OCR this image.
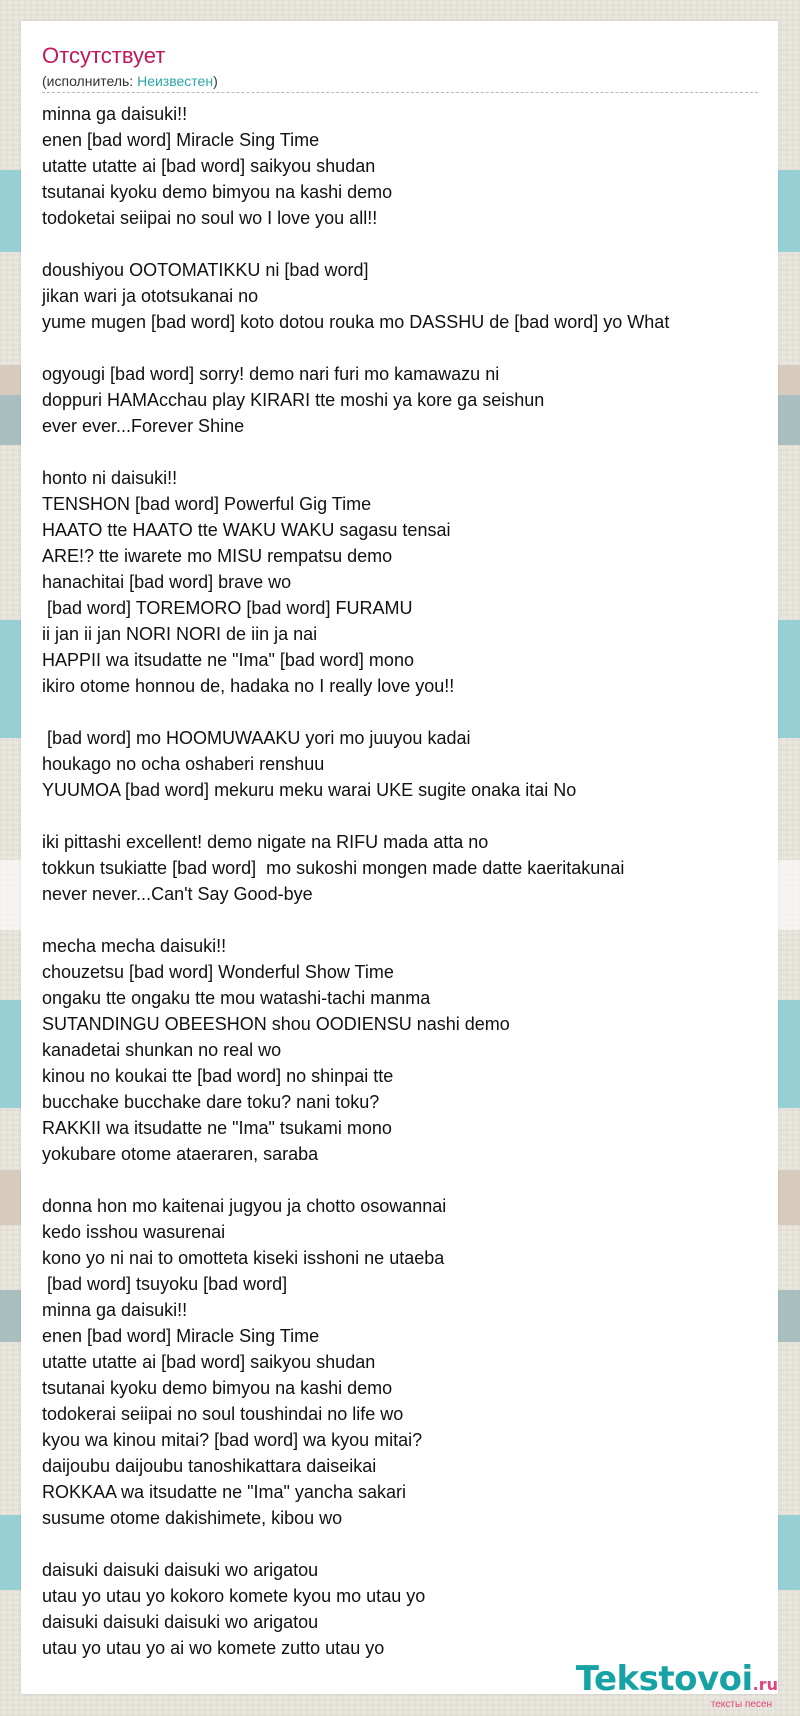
Отсутствует
(исполнитель: Неизвестен)
minna ga daisuki!!
enen [bad word] Miracle Sing Time
utatte utatte ai [bad word] saikyou shudan
tsutanai kyoku demo bimyou na kashi demo
todoketai seiipai no soul wo I love you all!!
doushiyou OOTOMATIKKU ni [bad word]
jikan wari ja ototsukanai no
yume mugen [bad word] koto dotou rouka mo DASSHU de [bad word] yo What
ogyougi [bad word] sorry! demo nari furi mo kamawazu ni
doppuri HAMAcchau play KIRARI tte moshi ya kore ga seishun
ever ever...Forever Shine
honto ni daisuki!!
TENSHON [bad word] Powerful Gig Time
HAATO tte HAATO tte WAKU WAKU sagasu tensai
ARE!? tte iwarete mo MISU rempatsu demo
hanachitai [bad word] brave wo
[bad word] TOREMORO [bad word] FURAMU
ii jan ii jan NORI NORI de iin ja nai
HAPPII wa itsudatte ne "Ima" [bad word] mono
ikiro otome honnou de, hadaka no I really love you!!
[bad word] mo HOOMUWAAKU yori mo juuyou kadai
houkago no ocha oshaberi renshuu
YUUMOA [bad word] mekuru meku warai UKE sugite onaka itai No
iki pittashi excellent! demo nigate na RIFU mada atta no
tokkun tsukiatte [bad word]  mo sukoshi mongen made datte kaeritakunai
never never...Can't Say Good-bye
mecha mecha daisuki!!
chouzetsu [bad word] Wonderful Show Time
ongaku tte ongaku tte mou watashi-tachi manma
SUTANDINGU OBEESHON shou OODIENSU nashi demo
kanadetai shunkan no real wo
kinou no koukai tte [bad word] no shinpai tte
bucchake bucchake dare toku? nani toku?
RAKKII wa itsudatte ne "Ima" tsukami mono
yokubare otome ataeraren, saraba
donna hon mo kaitenai jugyou ja chotto osowannai
kedo isshou wasurenai
kono yo ni nai to omotteta kiseki isshoni ne utaeba
[bad word] tsuyoku [bad word]
minna ga daisuki!!
enen [bad word] Miracle Sing Time
utatte utatte ai [bad word] saikyou shudan
tsutanai kyoku demo bimyou na kashi demo
todokerai seiipai no soul toushindai no life wo
kyou wa kinou mitai? [bad word] wa kyou mitai?
daijoubu daijoubu tanoshikattara daiseikai
ROKKAA wa itsudatte ne "Ima" yancha sakari
susume otome dakishimete, kibou wo
daisuki daisuki daisuki wo arigatou
utau yo utau yo kokoro komete kyou mo utau yo
daisuki daisuki daisuki wo arigatou
utau yo utau yo ai wo komete zutto utau yo
Tekstovoi.ru
тексты песен
